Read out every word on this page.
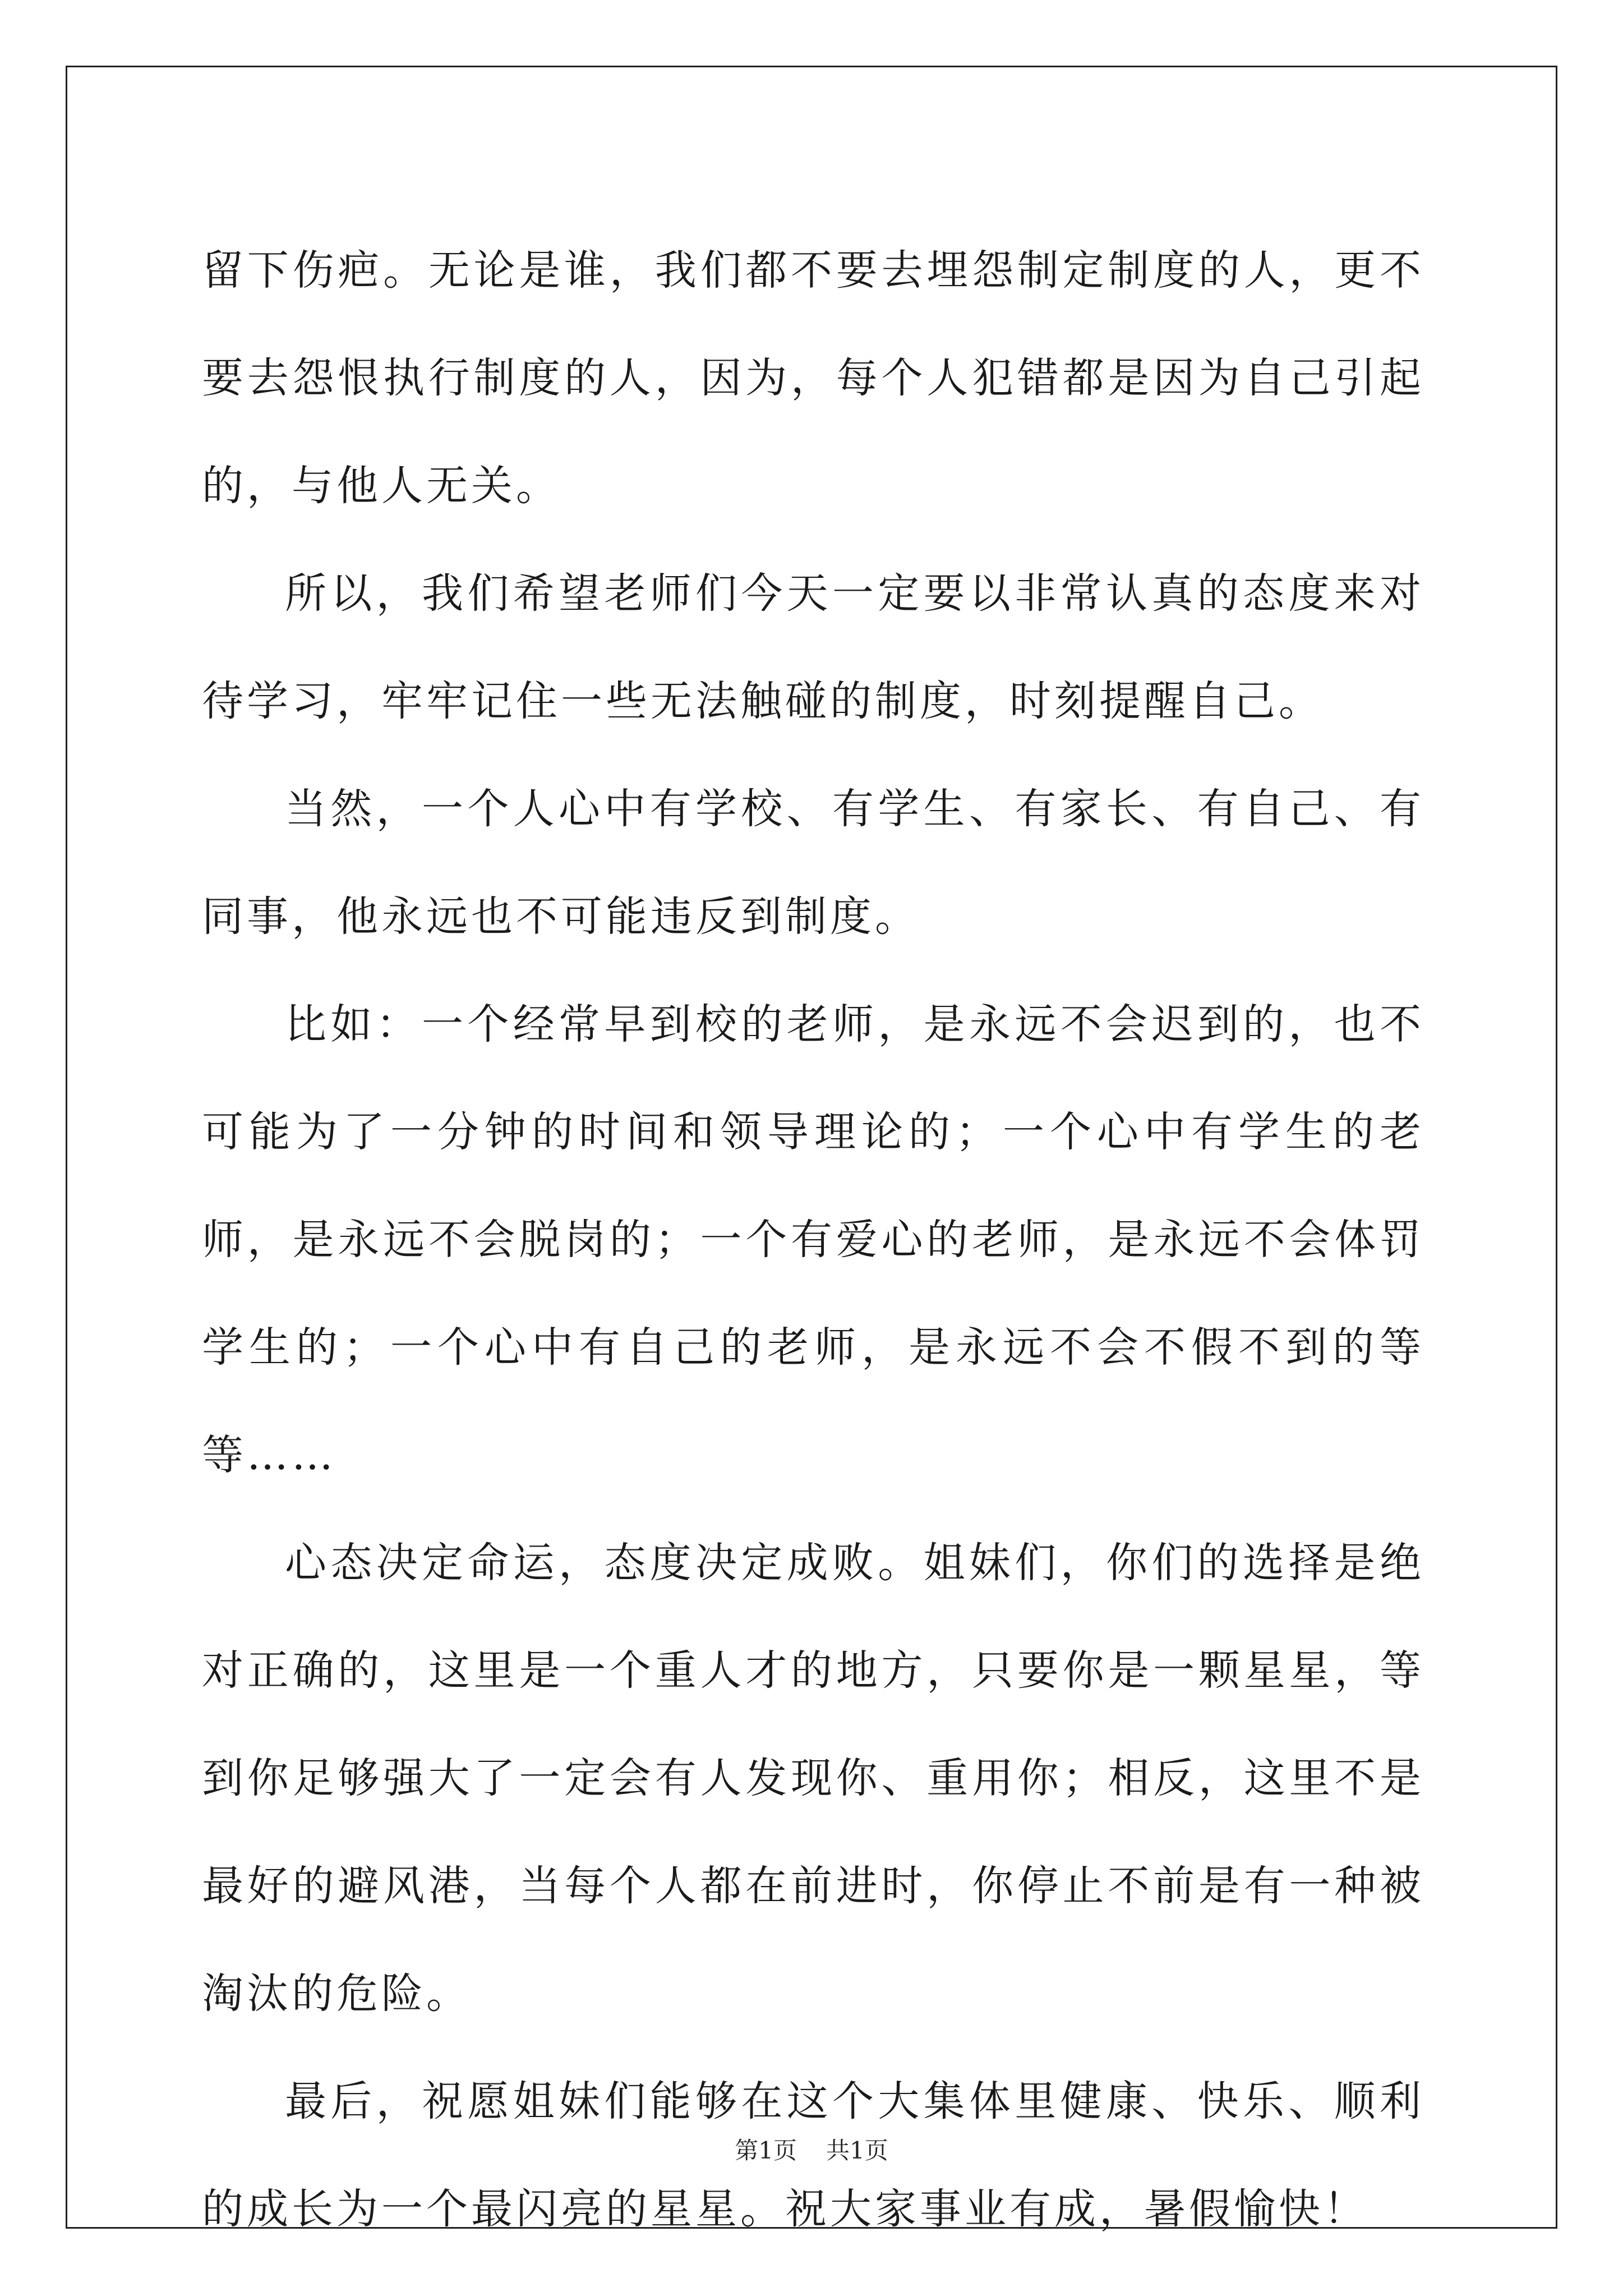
留下伤疤。无论是谁，我们都不要去埋怨制定制度的人，更不要去怨恨执行制度的人，因为，每个人犯错都是因为自己引起的，与他人无关。

所以，我们希望老师们今天一定要以非常认真的态度来对待学习，牢牢记住一些无法触碰的制度，时刻提醒自己。

当然，一个人心中有学校、有学生、有家长、有自己、有同事，他永远也不可能违反到制度。

比如：一个经常早到校的老师，是永远不会迟到的，也不可能为了一分钟的时间和领导理论的；一个心中有学生的老师，是永远不会脱岗的；一个有爱心的老师，是永远不会体罚学生的；一个心中有自己的老师，是永远不会不假不到的等等……

心态决定命运，态度决定成败。姐妹们，你们的选择是绝对正确的，这里是一个重人才的地方，只要你是一颗星星，等到你足够强大了一定会有人发现你、重用你；相反，这里不是最好的避风港，当每个人都在前进时，你停止不前是有一种被淘汰的危险。

最后，祝愿姐妹们能够在这个大集体里健康、快乐、顺利的成长为一个最闪亮的星星。祝大家事业有成，暑假愉快！

第1页 共1页
